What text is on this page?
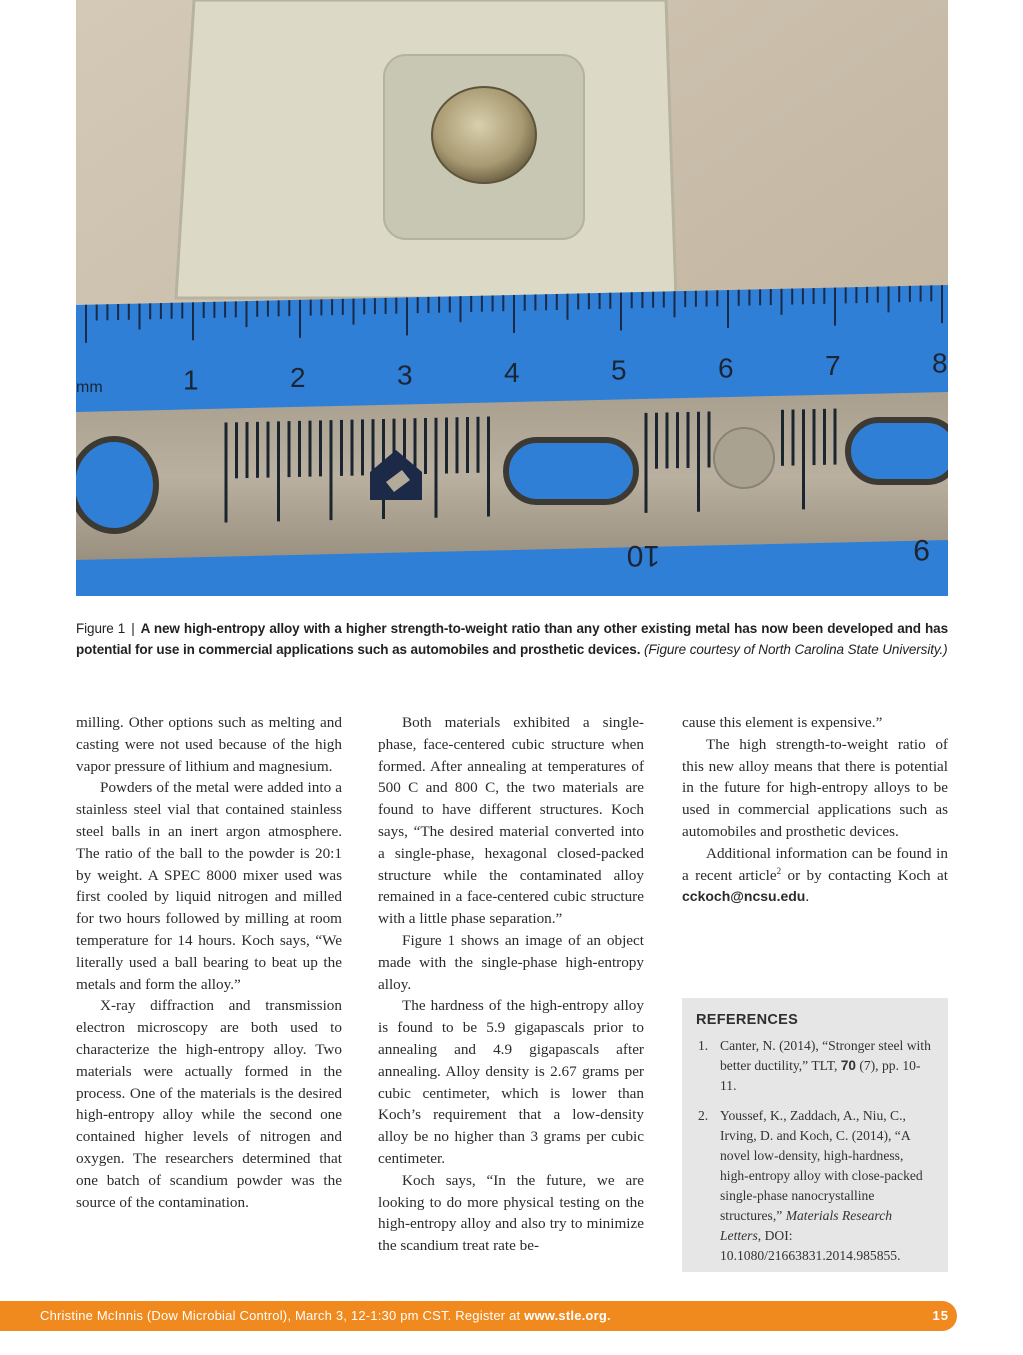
mm	1	2	3	4	5	6	7	8
10	9
Figure 1 | A new high-entropy alloy with a higher strength-to-weight ratio than any other existing metal has now been developed and has potential for use in commercial applications such as automobiles and prosthetic devices. (Figure courtesy of North Carolina State University.)

milling. Other options such as melting and casting were not used because of the high vapor pressure of lithium and magnesium.

Powders of the metal were added into a stainless steel vial that contained stainless steel balls in an inert argon atmosphere. The ratio of the ball to the powder is 20:1 by weight. A SPEC 8000 mixer used was first cooled by liquid nitrogen and milled for two hours followed by milling at room temperature for 14 hours. Koch says, “We literally used a ball bearing to beat up the metals and form the alloy.”

X-ray diffraction and transmission electron microscopy are both used to characterize the high-entropy alloy. Two materials were actually formed in the process. One of the materials is the desired high-entropy alloy while the second one contained higher levels of nitrogen and oxygen. The researchers determined that one batch of scandium powder was the source of the contamination.

Both materials exhibited a single-phase, face-centered cubic structure when formed. After annealing at temperatures of 500 C and 800 C, the two materials are found to have different structures. Koch says, “The desired material converted into a single-phase, hexagonal closed-packed structure while the contaminated alloy remained in a face-centered cubic structure with a little phase separation.”

Figure 1 shows an image of an object made with the single-phase high-entropy alloy.

The hardness of the high-entropy alloy is found to be 5.9 gigapascals prior to annealing and 4.9 gigapascals after annealing. Alloy density is 2.67 grams per cubic centimeter, which is lower than Koch’s requirement that a low-density alloy be no higher than 3 grams per cubic centimeter.

Koch says, “In the future, we are looking to do more physical testing on the high-entropy alloy and also try to minimize the scandium treat rate be-

cause this element is expensive.”

The high strength-to-weight ratio of this new alloy means that there is potential in the future for high-entropy alloys to be used in commercial applications such as automobiles and prosthetic devices.

Additional information can be found in a recent article$^2$ or by contacting Koch at cckoch@ncsu.edu.

REFERENCES
1. Canter, N. (2014), “Stronger steel with better ductility,” TLT, 70 (7), pp. 10-11.
2. Youssef, K., Zaddach, A., Niu, C., Irving, D. and Koch, C. (2014), “A novel low-density, high-hardness, high-entropy alloy with close-packed single-phase nanocrystalline structures,” Materials Research Letters, DOI: 10.1080/21663831.2014.985855.
Christine McInnis (Dow Microbial Control), March 3, 12-1:30 pm CST. Register at www.stle.org.	15
